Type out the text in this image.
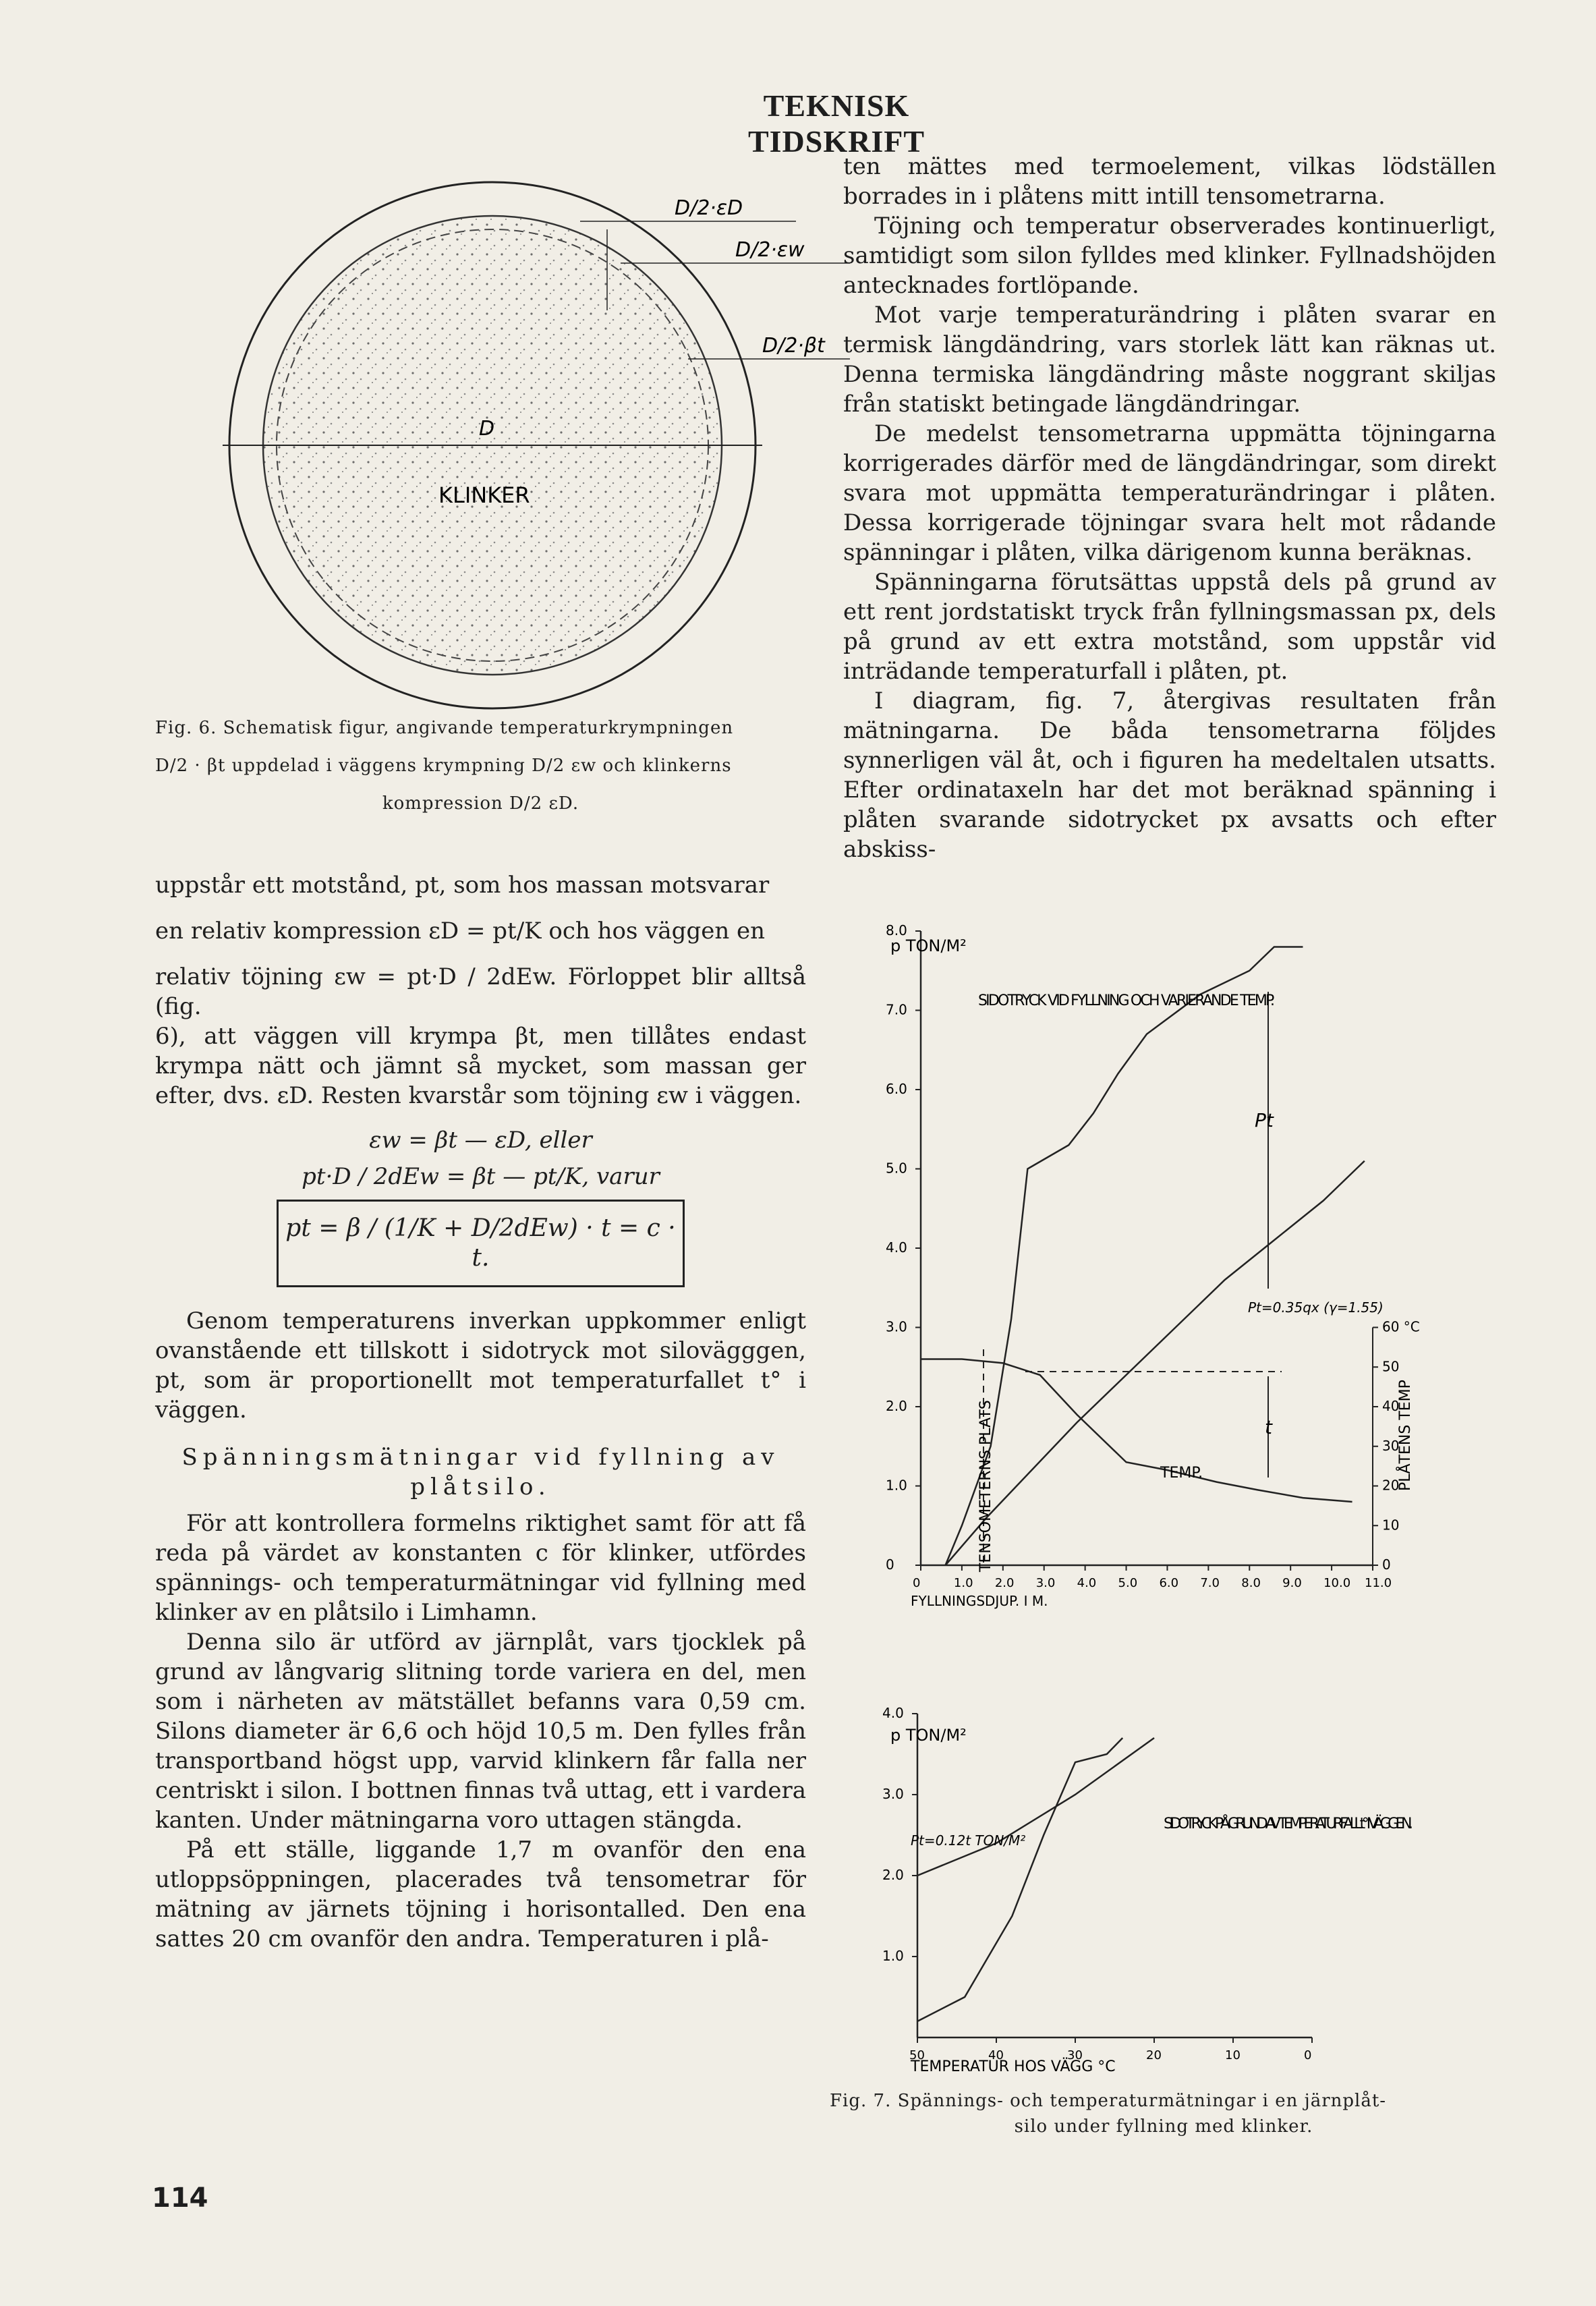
TEKNISK TIDSKRIFT
D
KLINKER
D/2·εD
D/2·εw
D/2·βt
Fig. 6. Schematisk figur, angivande temperaturkrympningen
D/2 · βt uppdelad i väggens krympning D/2 εw och klinkerns
kompression D/2 εD.

uppstår ett motstånd, pt, som hos massan motsvarar

en relativ kompression εD = pt/K och hos väggen en

relativ töjning εw = pt·D / 2dEw. Förloppet blir alltså (fig.

6), att väggen vill krympa βt, men tillåtes endast krympa nätt och jämnt så mycket, som massan ger efter, dvs. εD. Resten kvarstår som töjning εw i väggen.

εw = βt — εD, eller
pt·D / 2dEw = βt — pt/K, varur
pt = β / (1/K + D/2dEw) · t = c · t.

Genom temperaturens inverkan uppkommer enligt ovanstående ett tillskott i sidotryck mot silovägggen, pt, som är proportionellt mot temperaturfallet t° i väggen.

Spänningsmätningar vid fyllning av
plåtsilo.

För att kontrollera formelns riktighet samt för att få reda på värdet av konstanten c för klinker, utfördes spännings- och temperaturmätningar vid fyllning med klinker av en plåtsilo i Limhamn.

Denna silo är utförd av järnplåt, vars tjocklek på grund av långvarig slitning torde variera en del, men som i närheten av mätstället befanns vara 0,59 cm. Silons diameter är 6,6 och höjd 10,5 m. Den fylles från transportband högst upp, varvid klinkern får falla ner centriskt i silon. I bottnen finnas två uttag, ett i vardera kanten. Under mätningarna voro uttagen stängda.

På ett ställe, liggande 1,7 m ovanför den ena utloppsöppningen, placerades två tensometrar för mätning av järnets töjning i horisontalled. Den ena sattes 20 cm ovanför den andra. Temperaturen i plå-

ten mättes med termoelement, vilkas lödställen borrades in i plåtens mitt intill tensometrarna.

Töjning och temperatur observerades kontinuerligt, samtidigt som silon fylldes med klinker. Fyllnadshöjden antecknades fortlöpande.

Mot varje temperaturändring i plåten svarar en termisk längdändring, vars storlek lätt kan räknas ut. Denna termiska längdändring måste noggrant skiljas från statiskt betingade längdändringar.

De medelst tensometrarna uppmätta töjningarna korrigerades därför med de längdändringar, som direkt svara mot uppmätta temperaturändringar i plåten. Dessa korrigerade töjningar svara helt mot rådande spänningar i plåten, vilka därigenom kunna beräknas.

Spänningarna förutsättas uppstå dels på grund av ett rent jordstatiskt tryck från fyllningsmassan px, dels på grund av ett extra motstånd, som uppstår vid inträdande temperaturfall i plåten, pt.

I diagram, fig. 7, återgivas resultaten från mätningarna. De båda tensometrarna följdes synnerligen väl åt, och i figuren ha medeltalen utsatts. Efter ordinataxeln har det mot beräknad spänning i plåten svarande sidotrycket px avsatts och efter abskiss-

0	1.0 2.0 3.0 4.0 5.0 6.0 7.0 8.0 9.0 10.0 11.0
0
1.0
2.0
3.0
4.0
5.0
6.0
7.0
8.0
0
10
20
30
40
50
60 °C
p TON/M²
SIDOTRYCK VID FYLLNING OCH VARIERANDE TEMP.
PLÅTENS TEMP
FYLLNINGSDJUP. I M.
Pt
t
TEMP.
Pt=0.35qx (γ=1.55)
TENSOMETERNS PLATS
50	40	30	20	10	0
1.0
2.0
3.0
4.0
p TON/M²
SIDOTRYCK PÅ GRUND AV TEMPERATURFALL t° I VÄGGEN.
Pt=0.12t TON/M²
TEMPERATUR HOS VÄGG °C
Fig. 7. Spännings- och temperaturmätningar i en järnplåt-
silo under fyllning med klinker.
114
